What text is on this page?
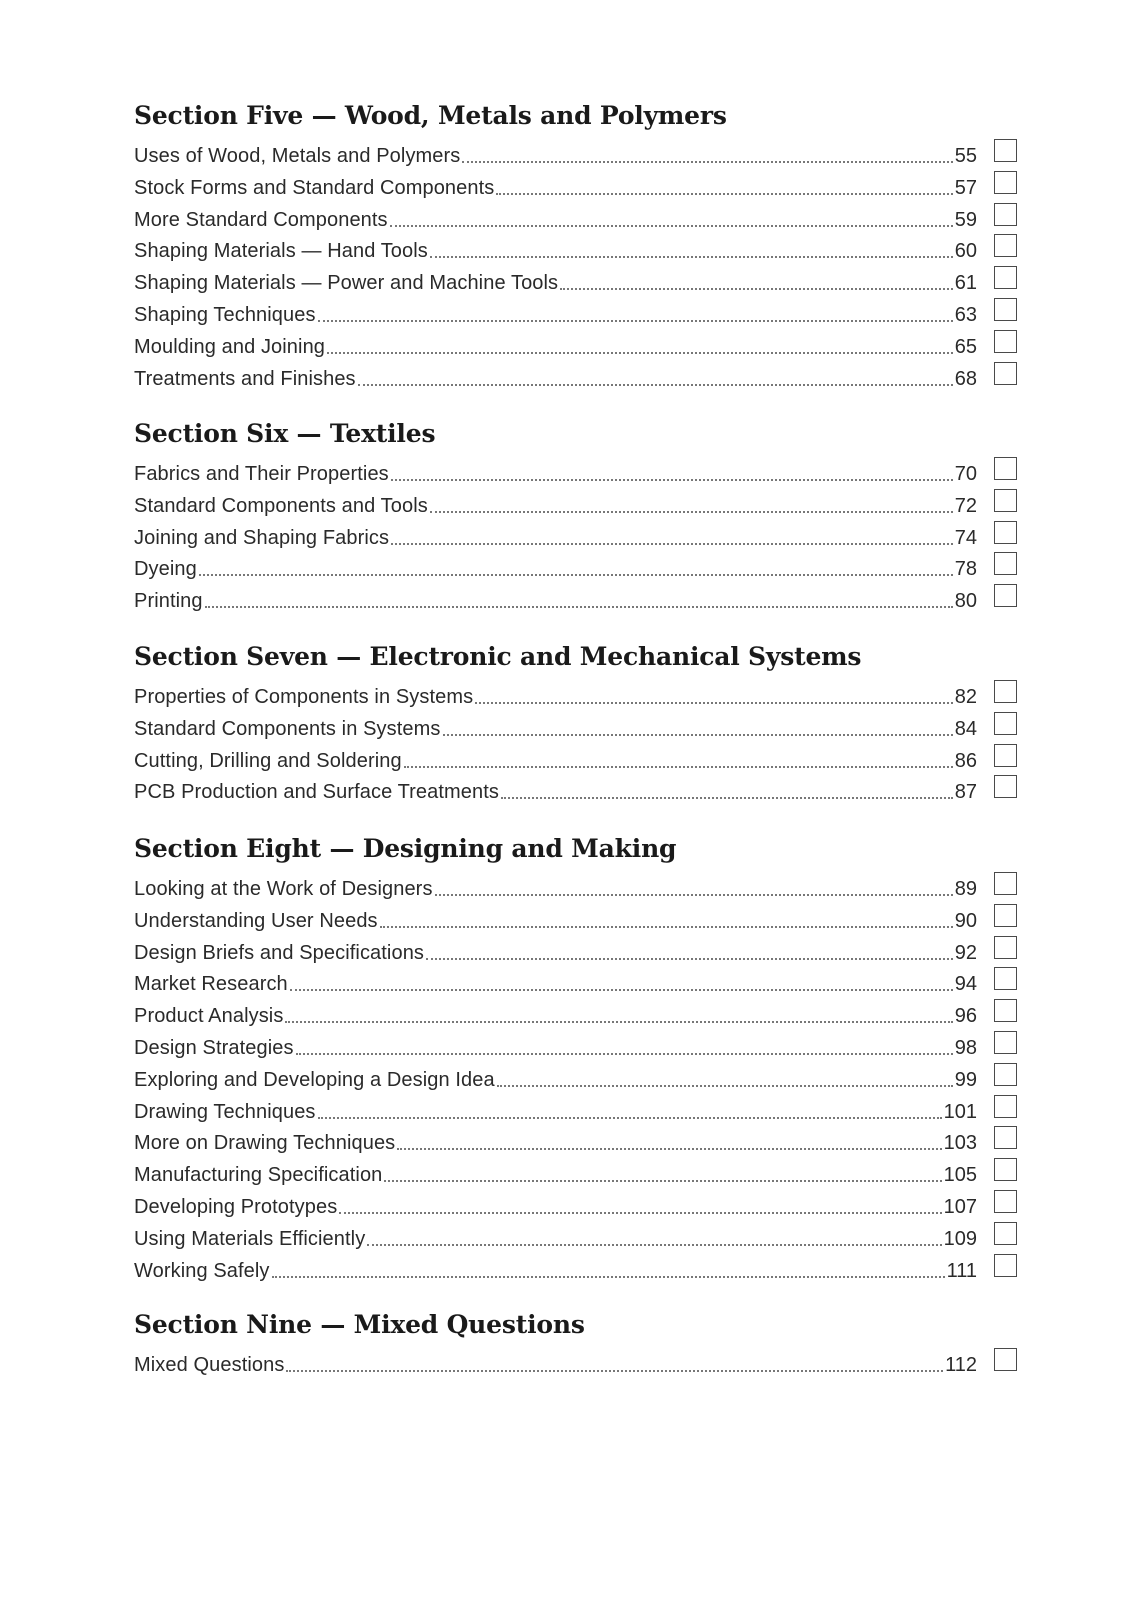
Section Five — Wood, Metals and Polymers
Uses of Wood, Metals and Polymers	55
Stock Forms and Standard Components	57
More Standard Components	59
Shaping Materials — Hand Tools	60
Shaping Materials — Power and Machine Tools	61
Shaping Techniques	63
Moulding and Joining	65
Treatments and Finishes	68
Section Six — Textiles
Fabrics and Their Properties	70
Standard Components and Tools	72
Joining and Shaping Fabrics	74
Dyeing	78
Printing	80
Section Seven — Electronic and Mechanical Systems
Properties of Components in Systems	82
Standard Components in Systems	84
Cutting, Drilling and Soldering	86
PCB Production and Surface Treatments	87
Section Eight — Designing and Making
Looking at the Work of Designers	89
Understanding User Needs	90
Design Briefs and Specifications	92
Market Research	94
Product Analysis	96
Design Strategies	98
Exploring and Developing a Design Idea	99
Drawing Techniques	101
More on Drawing Techniques	103
Manufacturing Specification	105
Developing Prototypes	107
Using Materials Efficiently	109
Working Safely	111
Section Nine — Mixed Questions
Mixed Questions	112
